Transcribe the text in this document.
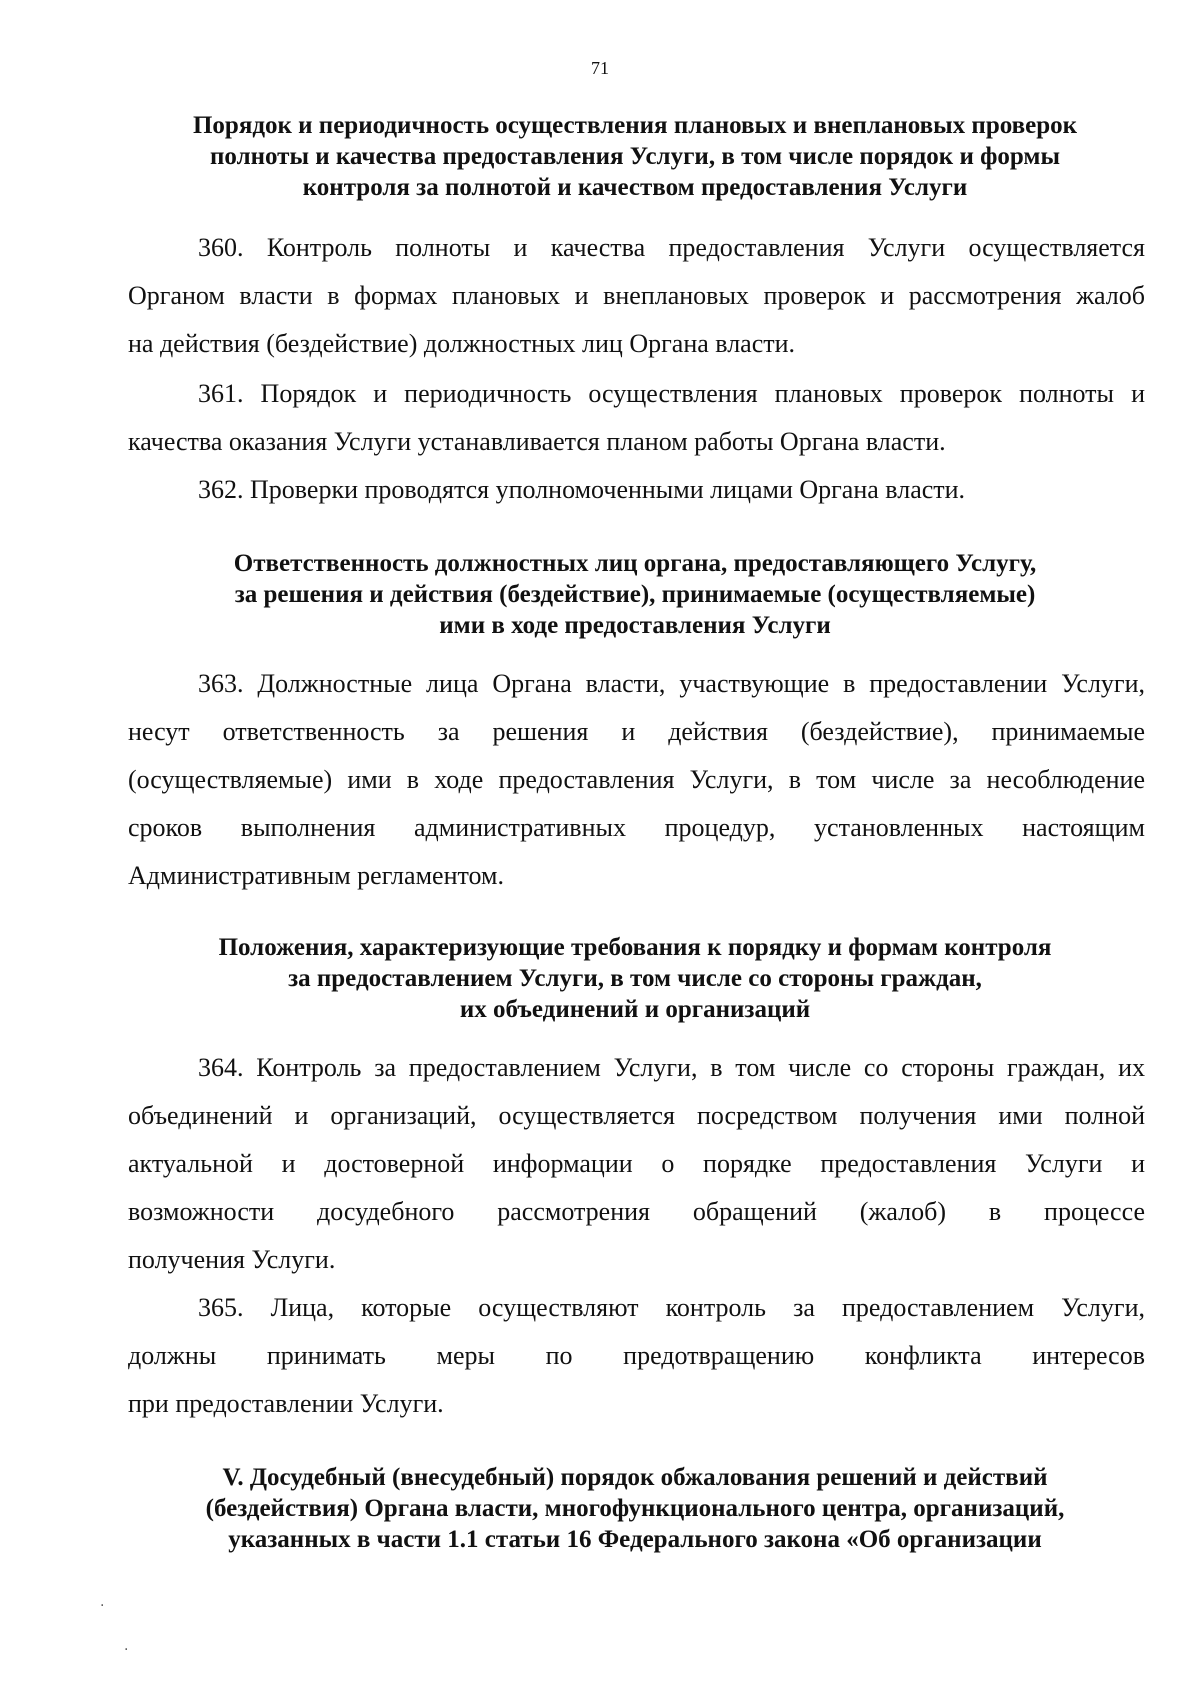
71
Порядок и периодичность осуществления плановых и внеплановых проверок
полноты и качества предоставления Услуги, в том числе порядок и формы
контроля за полнотой и качеством предоставления Услуги
360. Контроль полноты и качества предоставления Услуги осуществляется
Органом власти в формах плановых и внеплановых проверок и рассмотрения жалоб
на действия (бездействие) должностных лиц Органа власти.
361. Порядок и периодичность осуществления плановых проверок полноты и
качества оказания Услуги устанавливается планом работы Органа власти.
362. Проверки проводятся уполномоченными лицами Органа власти.
Ответственность должностных лиц органа, предоставляющего Услугу,
за решения и действия (бездействие), принимаемые (осуществляемые)
ими в ходе предоставления Услуги
363. Должностные лица Органа власти, участвующие в предоставлении Услуги,
несут ответственность за решения и действия (бездействие), принимаемые
(осуществляемые) ими в ходе предоставления Услуги, в том числе за несоблюдение
сроков выполнения административных процедур, установленных настоящим
Административным регламентом.
Положения, характеризующие требования к порядку и формам контроля
за предоставлением Услуги, в том числе со стороны граждан,
их объединений и организаций
364. Контроль за предоставлением Услуги, в том числе со стороны граждан, их
объединений и организаций, осуществляется посредством получения ими полной
актуальной и достоверной информации о порядке предоставления Услуги и
возможности досудебного рассмотрения обращений (жалоб) в процессе
получения Услуги.
365. Лица, которые осуществляют контроль за предоставлением Услуги,
должны принимать меры по предотвращению конфликта интересов
при предоставлении Услуги.
V. Досудебный (внесудебный) порядок обжалования решений и действий
(бездействия) Органа власти, многофункционального центра, организаций,
указанных в части 1.1 статьи 16 Федерального закона «Об организации
·
·
